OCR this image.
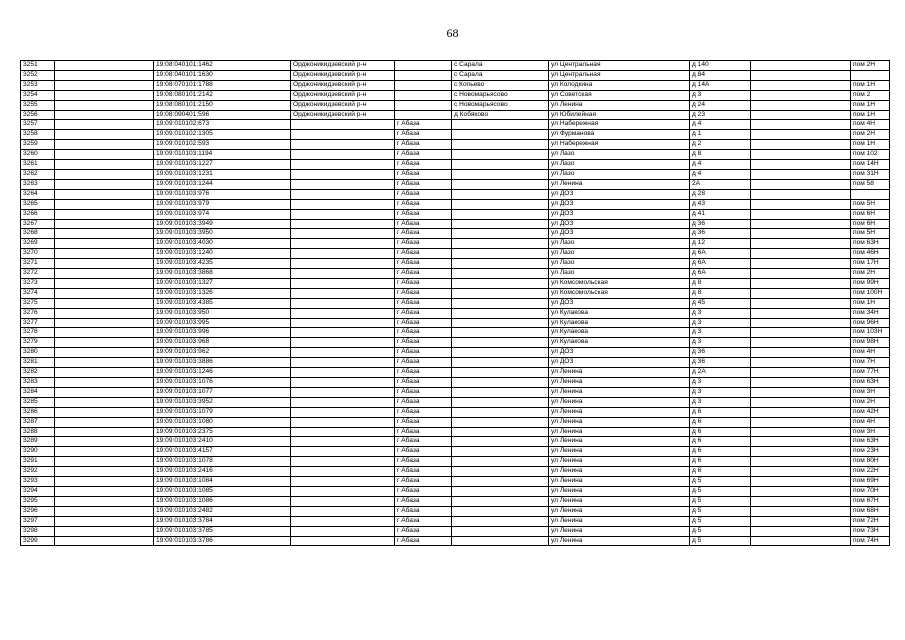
68
3251		19:08:040101:1462	Орджоникидзевский р-н		с Сарала	ул Центральная	д 140		пом 2Н
3252		19:08:040101:1630	Орджоникидзевский р-н		с Сарала	ул Центральная	д 84		
3253		19:08:070101:1788	Орджоникидзевский р-н		с Копьево	ул Колодкина	д 14А		пом 1Н
3254		19:08:080101:2142	Орджоникидзевский р-н		с Новомарьясово	ул Советская	д 3		пом 2
3255		19:08:080101:2150	Орджоникидзевский р-н		с Новомарьясово	ул Ленина	д 24		пом 1Н
3256		19:08:090401:596	Орджоникидзевский р-н		д Кобяково	ул Юбилейная	д 23		пом 1Н
3257		19:09:010102:673		г Абаза		ул Набережная	д 4		пом 4Н
3258		19:09:010102:1305		г Абаза		ул Фурманова	д 1		пом 2Н
3259		19:09:010102:593		г Абаза		ул Набережная	д 2		пом 1Н
3260		19:09:010103:1194		г Абаза		ул Лазо	д 8		пом 102
3261		19:09:010103:1227		г Абаза		ул Лазо	д 4		пом 14Н
3262		19:09:010103:1231		г Абаза		ул Лазо	д 4		пом 31Н
3263		19:09:010103:1244		г Абаза		ул Ленина	2А		пом 58
3264		19:09:010103:976		г Абаза		ул ДОЗ	д 28		
3265		19:09:010103:979		г Абаза		ул ДОЗ	д 43		пом 5Н
3266		19:09:010103:974		г Абаза		ул ДОЗ	д 41		пом 6Н
3267		19:09:010103:3949		г Абаза		ул ДОЗ	д 36		пом 6Н
3268		19:09:010103:3950		г Абаза		ул ДОЗ	д 36		пом 5Н
3269		19:09:010103:4030		г Абаза		ул Лазо	д 12		пом 63Н
3270		19:09:010103:1240		г Абаза		ул Лазо	д 6А		пом 46Н
3271		19:09:010103:4235		г Абаза		ул Лазо	д 6А		пом 17Н
3272		19:09:010103:3868		г Абаза		ул Лазо	д 6А		пом 2Н
3273		19:09:010103:1327		г Абаза		ул Комсомольская	д 8		пом 99Н
3274		19:09:010103:1326		г Абаза		ул Комсомольская	д 8		пом 100Н
3275		19:09:010103:4385		г Абаза		ул ДОЗ	д 45		пом 1Н
3276		19:09:010103:950		г Абаза		ул Кулакова	д 3		пом 34Н
3277		19:09:010103:995		г Абаза		ул Кулакова	д 3		пом 96Н
3278		19:09:010103:996		г Абаза		ул Кулакова	д 3		пом 103Н
3279		19:09:010103:968		г Абаза		ул Кулакова	д 3		пом 98Н
3280		19:09:010103:962		г Абаза		ул ДОЗ	д 36		пом 4Н
3281		19:09:010103:3886		г Абаза		ул ДОЗ	д 36		пом 7Н
3282		19:09:010103:1246		г Абаза		ул Ленина	д 2А		пом 77Н
3283		19:09:010103:1076		г Абаза		ул Ленина	д 3		пом 63Н
3284		19:09:010103:1077		г Абаза		ул Ленина	д 3		пом 3Н
3285		19:09:010103:3952		г Абаза		ул Ленина	д 3		пом 2Н
3286		19:09:010103:1079		г Абаза		ул Ленина	д 6		пом 42Н
3287		19:09:010103:1080		г Абаза		ул Ленина	д 6		пом 4Н
3288		19:09:010103:2375		г Абаза		ул Ленина	д 6		пом 3Н
3289		19:09:010103:2410		г Абаза		ул Ленина	д 6		пом 63Н
3290		19:09:010103:4157		г Абаза		ул Ленина	д 6		пом 23Н
3291		19:09:010103:1078		г Абаза		ул Ленина	д 6		пом 80Н
3292		19:09:010103:2416		г Абаза		ул Ленина	д 6		пом 22Н
3293		19:09:010103:1084		г Абаза		ул Ленина	д 5		пом 69Н
3294		19:09:010103:1085		г Абаза		ул Ленина	д 5		пом 70Н
3295		19:09:010103:1086		г Абаза		ул Ленина	д 5		пом 67Н
3296		19:09:010103:2482		г Абаза		ул Ленина	д 5		пом 68Н
3297		19:09:010103:3784		г Абаза		ул Ленина	д 5		пом 72Н
3298		19:09:010103:3785		г Абаза		ул Ленина	д 5		пом 73Н
3299		19:09:010103:3786		г Абаза		ул Ленина	д 5		пом 74Н
